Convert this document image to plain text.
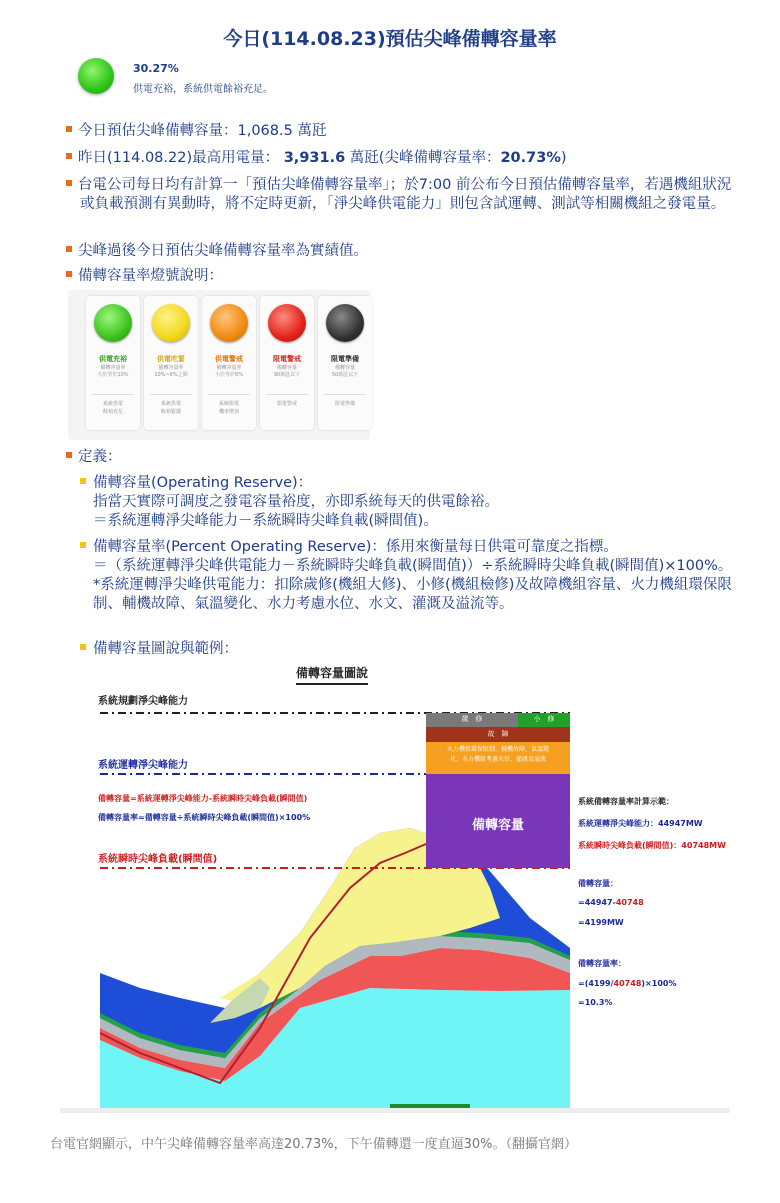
今日(114.08.23)預估尖峰備轉容量率
30.27%
供電充裕，系統供電餘裕充足。
今日預估尖峰備轉容量：1,068.5 萬瓩
昨日(114.08.22)最高用電量： 3,931.6 萬瓩(尖峰備轉容量率：20.73%)
台電公司每日均有計算一「預估尖峰備轉容量率」；於7:00 前公布今日預估備轉容量率，若遇機組狀況或負載預測有異動時，將不定時更新，「淨尖峰供電能力」則包含試運轉、測試等相關機組之發電量。
尖峰過後今日預估尖峰備轉容量率為實績值。
備轉容量率燈號說明：
供電充裕
備轉容量率
大於等於10%
系統供電
餘裕充足
供電吃緊
備轉容量率
10%~6%之間
系統供電
餘裕緊澀
供電警戒
備轉容量率
小於等於6%
系統限電
機率增加
限電警戒
備轉容量
90萬瓩以下
限電警戒

限電準備
備轉容量
50萬瓩以下
限電準備

定義：
備轉容量(Operating Reserve)：
指當天實際可調度之發電容量裕度，亦即系統每天的供電餘裕。
＝系統運轉淨尖峰能力－系統瞬時尖峰負載(瞬間值)。
備轉容量率(Percent Operating Reserve)：係用來衡量每日供電可靠度之指標。
＝（系統運轉淨尖峰供電能力－系統瞬時尖峰負載(瞬間值)）÷系統瞬時尖峰負載(瞬間值)×100%。
*系統運轉淨尖峰供電能力：扣除歲修(機組大修)、小修(機組檢修)及故障機組容量、火力機組環保限制、輔機故障、氣溫變化、水力考慮水位、水文、灌溉及溢流等。
備轉容量圖說與範例：
備轉容量圖說
系統規劃淨尖峰能力
系統運轉淨尖峰能力
備轉容量=系統運轉淨尖峰能力-系統瞬時尖峰負載(瞬間值)
備轉容量率=備轉容量÷系統瞬時尖峰負載(瞬間值)×100%
系統瞬時尖峰負載(瞬間值)
歲　修	小　修
故　障
火力機組環保限制、輔機故障、氣溫變
化、水力機組考慮水位、灌溉及溢流
備轉容量
系統備轉容量率計算示範：
系統運轉淨尖峰能力：44947MW
系統瞬時尖峰負載(瞬間值)：40748MW
備轉容量：
=44947-40748
=4199MW
備轉容量率：
=(4199/40748)×100%
=10.3%
台電官網顯示，中午尖峰備轉容量率高達20.73%，下午備轉還一度直逼30%。（翻攝官網）
